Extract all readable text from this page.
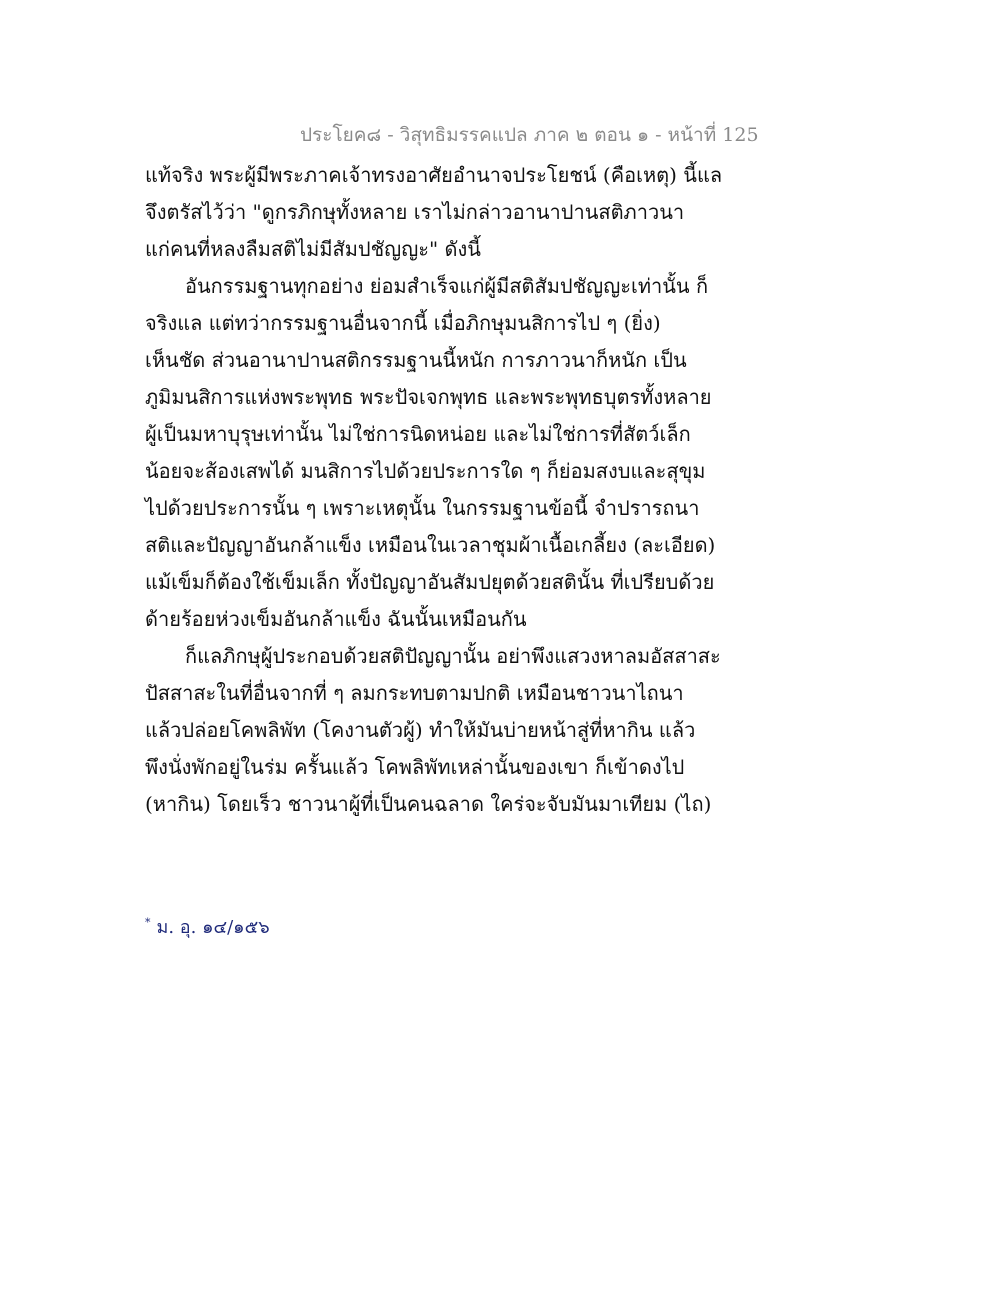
ประโยค๘ - วิสุทธิมรรคแปล ภาค ๒ ตอน ๑ - หน้าที่ 125
แท้จริง พระผู้มีพระภาคเจ้าทรงอาศัยอำนาจประโยชน์ (คือเหตุ) นี้แล
จึงตรัสไว้ว่า "ดูกรภิกษุทั้งหลาย เราไม่กล่าวอานาปานสติภาวนา
แก่คนที่หลงลืมสติไม่มีสัมปชัญญะ" ดังนี้
อันกรรมฐานทุกอย่าง ย่อมสำเร็จแก่ผู้มีสติสัมปชัญญะเท่านั้น ก็
จริงแล แต่ทว่ากรรมฐานอื่นจากนี้ เมื่อภิกษุมนสิการไป ๆ (ยิ่ง)
เห็นชัด ส่วนอานาปานสติกรรมฐานนี้หนัก การภาวนาก็หนัก เป็น
ภูมิมนสิการแห่งพระพุทธ พระปัจเจกพุทธ และพระพุทธบุตรทั้งหลาย
ผู้เป็นมหาบุรุษเท่านั้น ไม่ใช่การนิดหน่อย และไม่ใช่การที่สัตว์เล็ก
น้อยจะส้องเสพได้ มนสิการไปด้วยประการใด ๆ ก็ย่อมสงบและสุขุม
ไปด้วยประการนั้น ๆ เพราะเหตุนั้น ในกรรมฐานข้อนี้ จำปรารถนา
สติและปัญญาอันกล้าแข็ง เหมือนในเวลาชุมผ้าเนื้อเกลี้ยง (ละเอียด)
แม้เข็มก็ต้องใช้เข็มเล็ก ทั้งปัญญาอันสัมปยุตด้วยสตินั้น ที่เปรียบด้วย
ด้ายร้อยห่วงเข็มอันกล้าแข็ง ฉันนั้นเหมือนกัน
ก็แลภิกษุผู้ประกอบด้วยสติปัญญานั้น อย่าพึงแสวงหาลมอัสสาสะ
ปัสสาสะในที่อื่นจากที่ ๆ ลมกระทบตามปกติ เหมือนชาวนาไถนา
แล้วปล่อยโคพลิพัท (โคงานตัวผู้) ทำให้มันบ่ายหน้าสู่ที่หากิน แล้ว
พึงนั่งพักอยู่ในร่ม ครั้นแล้ว โคพลิพัทเหล่านั้นของเขา ก็เข้าดงไป
(หากิน) โดยเร็ว ชาวนาผู้ที่เป็นคนฉลาด ใคร่จะจับมันมาเทียม (ไถ)
* ม. อุ. ๑๔/๑๕๖
